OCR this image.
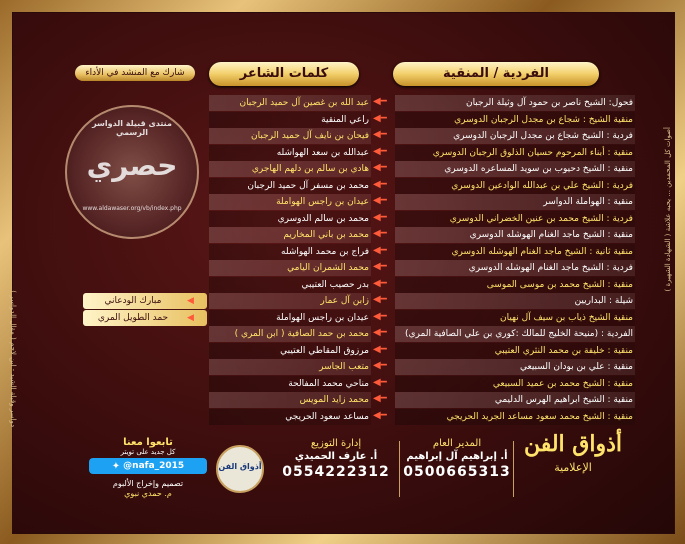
دواسر وقبلة الشيد - ابن لاحم ( مقال الدواسر )
أصوات كل المحمدين ... يحبه علاشة ( الشهادة الشهيرة )
الفردية / المنقية
كلمات الشاعر
شارك مع المنشد في الأداء
منتدى قبيلة الدواسر الرسمي
حصري
www.aldawaser.org/vb/index.php
فحول: الشيخ ناصر بن حمود آل وثيلة الرجبان
◀━
عبد الله بن غصين آل حميد الرجبان
منقية الشيخ : شجاع بن مجدل الرجبان الدوسري
◀━
راعي المنقية
فردية : الشيخ شجاع بن مجدل الرجبان الدوسري
◀━
فيحان بن نايف آل حميد الرجبان
منقية : أبناء المرحوم حسيان الذلوق الرجبان الدوسري
◀━
عبدالله بن سعد الهواشله
منقية : الشيخ دحيوب بن سويد المساعره الدوسري
◀━
هادي بن سالم بن دلهم الهاجري
فردية : الشيخ علي بن عبدالله الوادعين الدوسري
◀━
محمد بن مسفر آل حميد الرجبان
منقية : الهواملة الدواسر
◀━
عيدان بن راجس الهواملة
فردية : الشيخ محمد بن عنين الخضراني الدوسري
◀━
محمد بن سالم الدوسري
منقية : الشيخ ماجد الغنام الهوشله الدوسري
◀━
محمد بن باني المخاريم
منقية ثانية : الشيخ ماجد الغنام الهوشله الدوسري
◀━
فراج بن محمد الهواشله
فردية : الشيخ ماجد الغنام الهوشله الدوسري
◀━
محمد الشمران اليامي
منقية : الشيخ محمد بن موسى الموسى
◀━
بدر حصيب العتيبي
شيلة : البداريين
◀━
زابن آل عمار
منقية الشيخ ذياب بن سيف آل نهيان
◀━
عيدان بن راجس الهواملة
الفردية : (منيحة الخليج للمالك :كوري بن علي الصافية المري)
◀━
محمد بن حمد الصافية ( ابن المري )
منقية : خليفة بن محمد النثري العتيبي
◀━
مرزوق المقاطي العتيبي
منقية : علي بن بودان السبيعي
◀━
متعب الجاسر
منقية : الشيخ محمد بن عميد السبيعي
◀━
مناحي محمد المفالحة
منقية : الشيخ ابراهيم الهرس الدليمي
◀━
محمد زايد المويس
منقية : الشيخ محمد سعود مساعد الجريد الحريجي
◀━
مساعد سعود الحريجي
مبارك الودعاني	◀
حمد الطويل المري	◀
أذواق الفن
الإعلامية
المدير العام
أ. إبراهيم آل إبراهيم
0500665313
إدارة التوزيع
أ. عارف الحميدي
0554222312
أذواق الفن
تابعوا معنا
كل جديد على تويتر
✦ @nafa_2015
تصميم وإخراج الألبوم
م. حمدي نبوي
